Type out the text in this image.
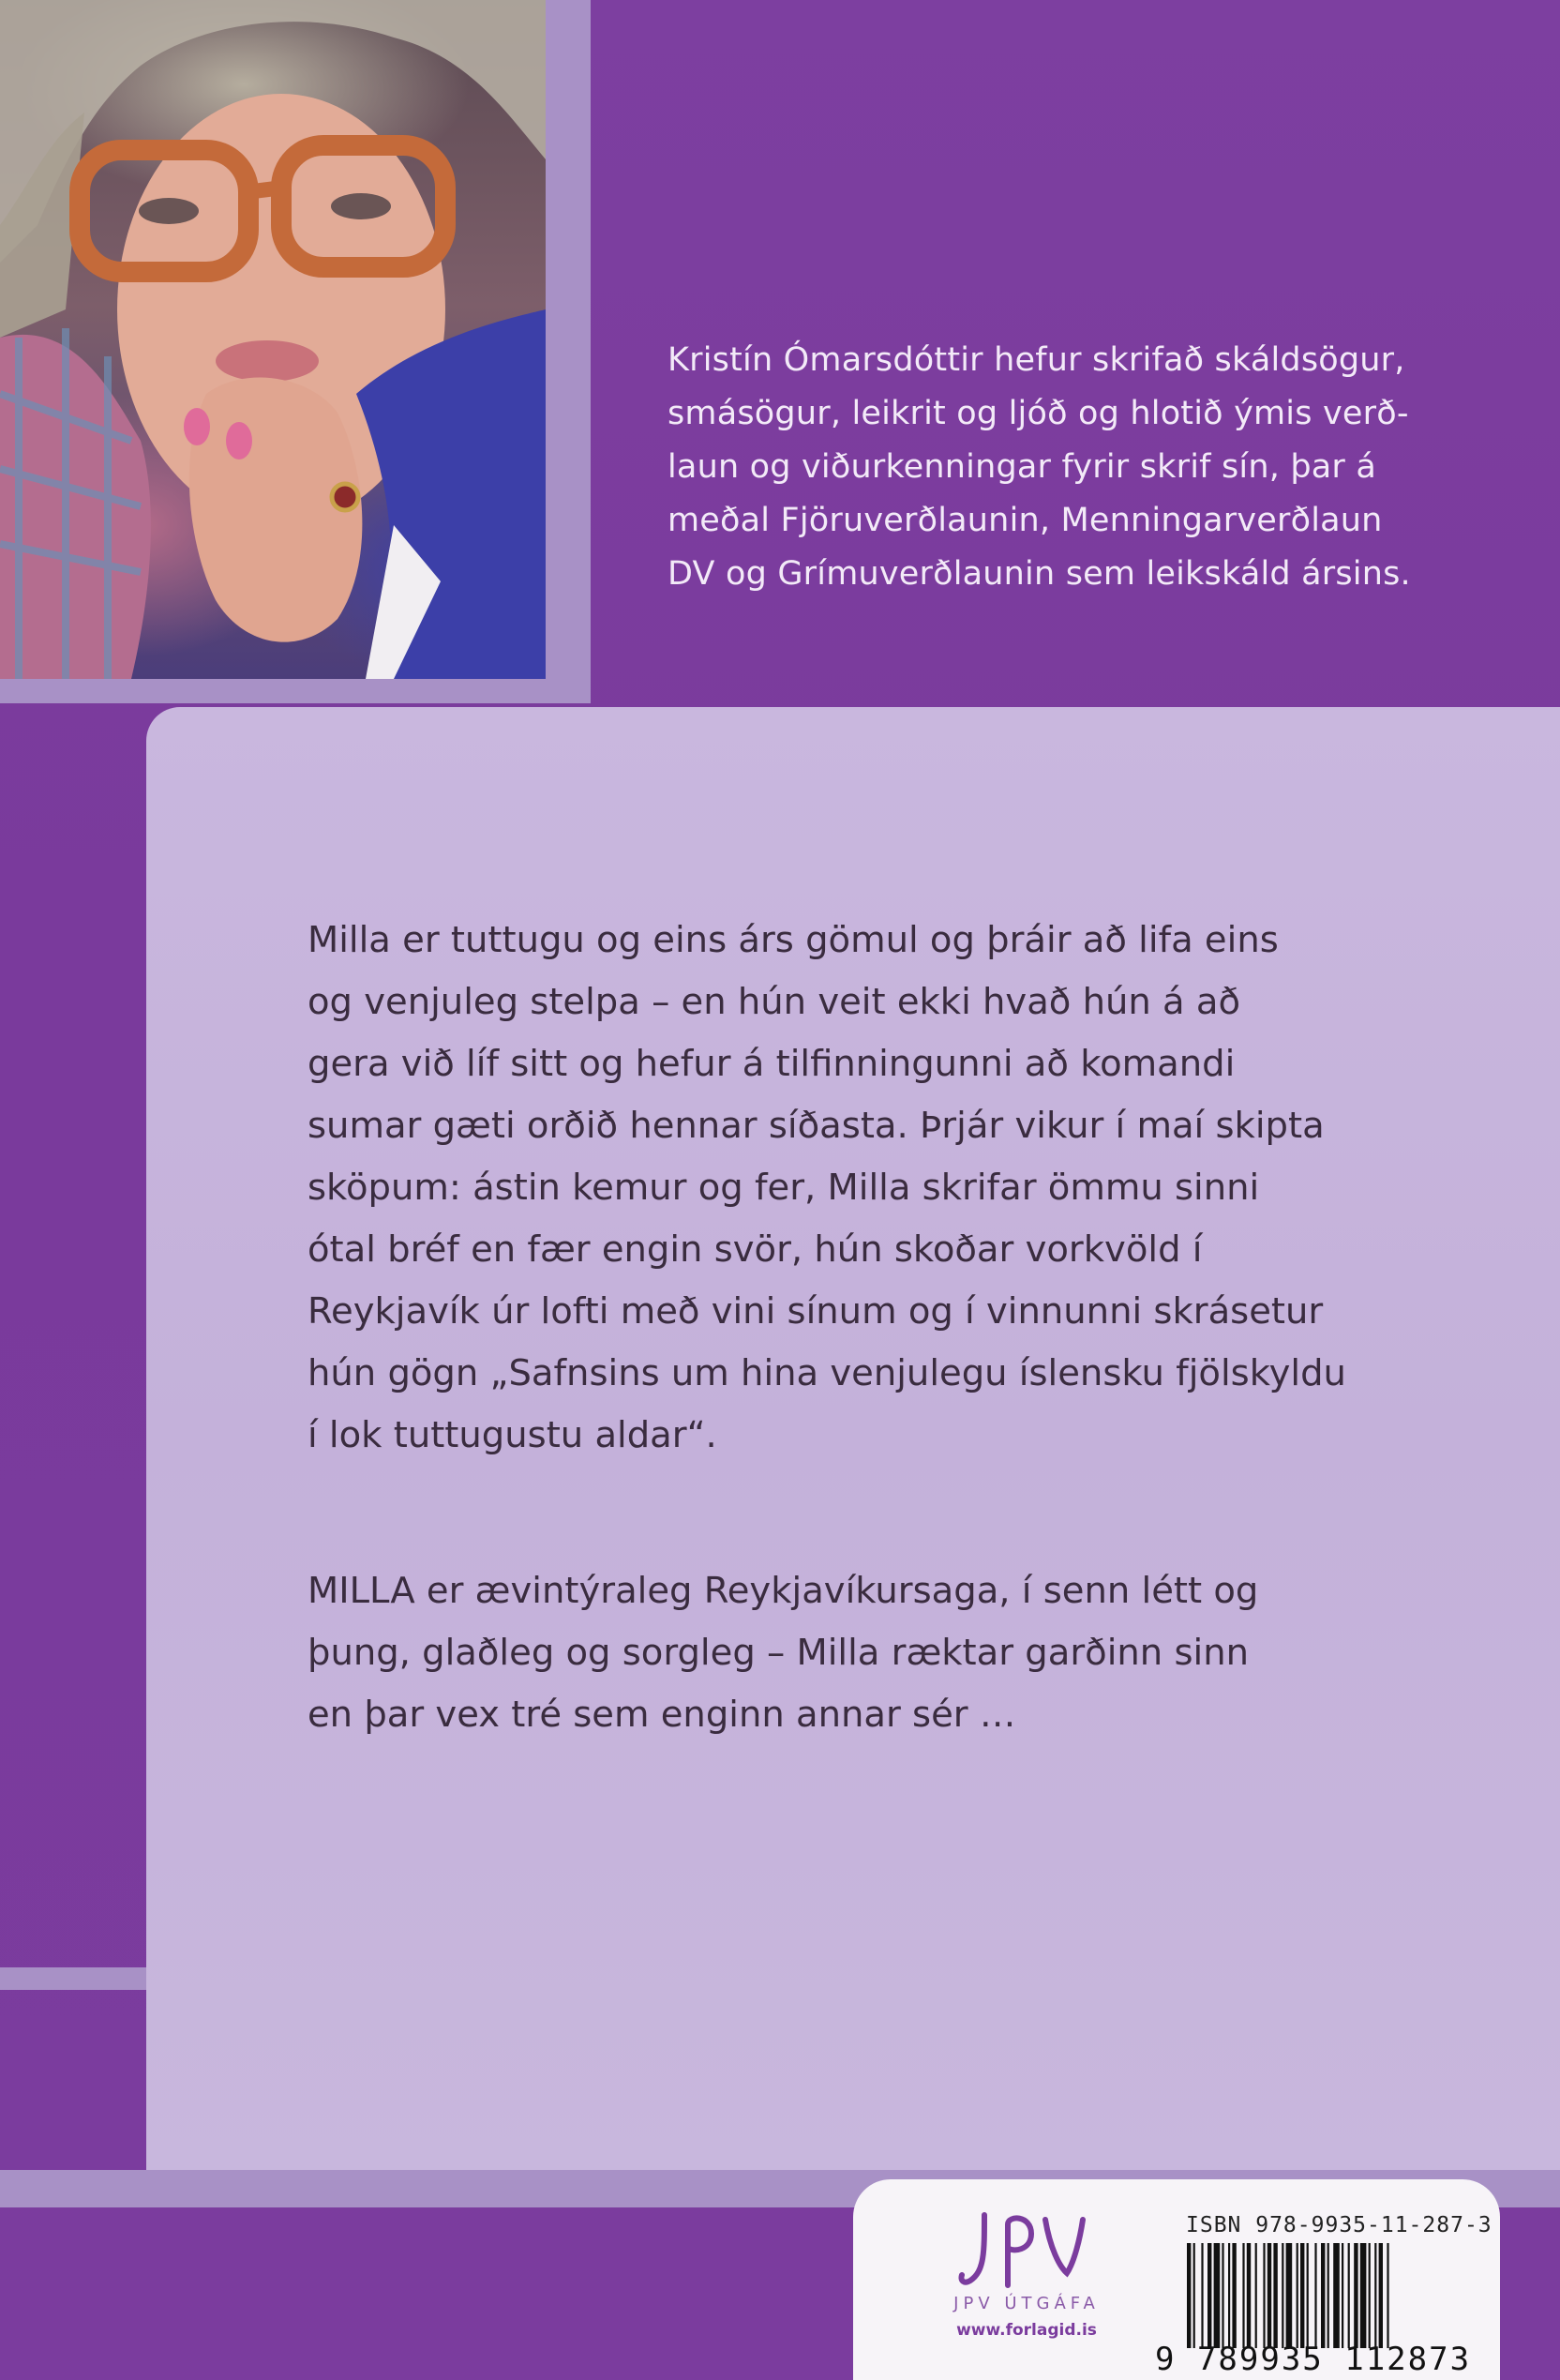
Kristín Ómarsdóttir hefur skrifað skáldsögur,

smásögur, leikrit og ljóð og hlotið ýmis verð-

laun og viðurkenningar fyrir skrif sín, þar á

meðal Fjöruverðlaunin, Menningarverðlaun

DV og Grímuverðlaunin sem leikskáld ársins.

Milla er tuttugu og eins árs gömul og þráir að lifa eins
og venjuleg stelpa – en hún veit ekki hvað hún á að
gera við líf sitt og hefur á tilfinningunni að komandi
sumar gæti orðið hennar síðasta. Þrjár vikur í maí skipta
sköpum: ástin kemur og fer, Milla skrifar ömmu sinni
ótal bréf en fær engin svör, hún skoðar vorkvöld í
Reykjavík úr lofti með vini sínum og í vinnunni skrásetur
hún gögn „Safnsins um hina venjulegu íslensku fjölskyldu
í lok tuttugustu aldar“.

MILLA er ævintýraleg Reykjavíkursaga, í senn létt og
þung, glaðleg og sorgleg – Milla ræktar garðinn sinn
en þar vex tré sem enginn annar sér …

JPV ÚTGÁFA
www.forlagid.is
ISBN 978-9935-11-287-3
9 789935 112873
